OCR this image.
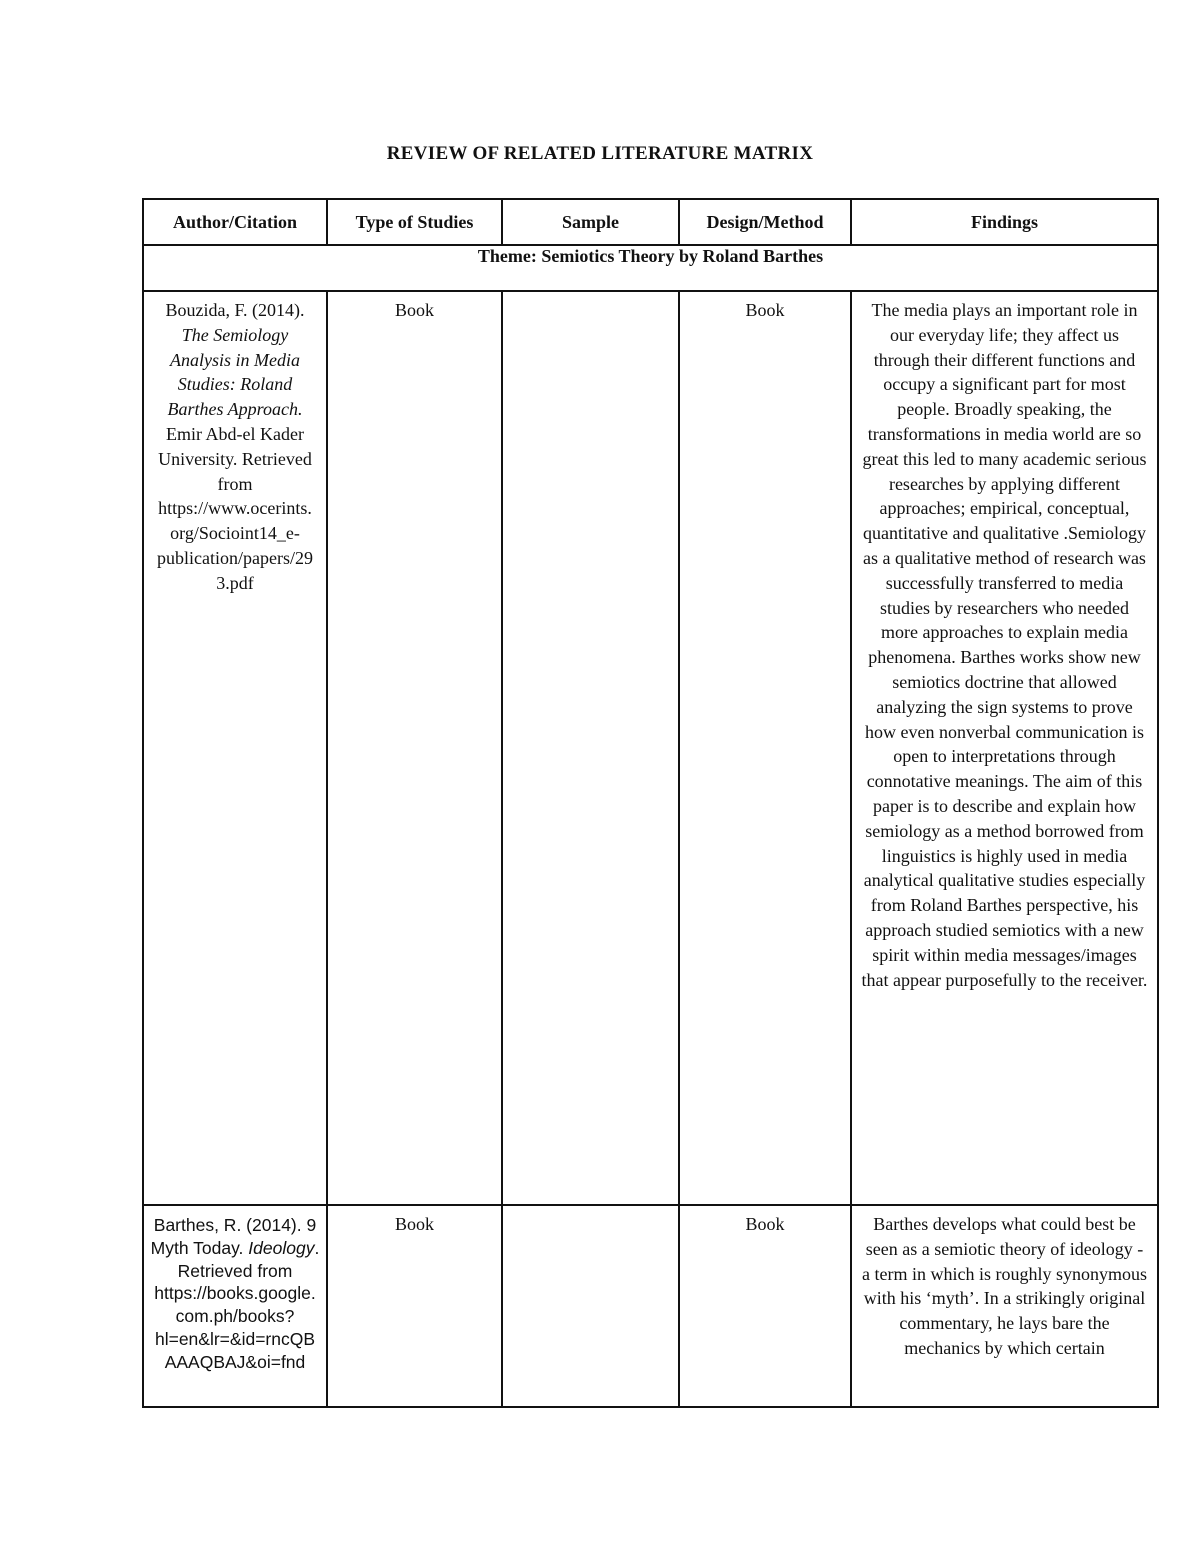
REVIEW OF RELATED LITERATURE MATRIX
Author/Citation	Type of Studies	Sample	Design/Method	Findings
Theme: Semiotics Theory by Roland Barthes				

Bouzida, F. (2014). The Semiology Analysis in Media Studies: Roland Barthes Approach. Emir Abd-el Kader University. Retrieved from https://www.ocerints.org/Socioint14_e-publication/papers/293.pdf	Book		Book	The media plays an important role in our everyday life; they affect us through their different functions and occupy a significant part for most people. Broadly speaking, the transformations in media world are so great this led to many academic serious researches by applying different approaches; empirical, conceptual, quantitative and qualitative .Semiology as a qualitative method of research was successfully transferred to media studies by researchers who needed more approaches to explain media phenomena. Barthes works show new semiotics doctrine that allowed analyzing the sign systems to prove how even nonverbal communication is open to interpretations through connotative meanings. The aim of this paper is to describe and explain how semiology as a method borrowed from linguistics is highly used in media analytical qualitative studies especially from Roland Barthes perspective, his approach studied semiotics with a new spirit within media messages/images that appear purposefully to the receiver.

Barthes, R. (2014). 9 Myth Today. Ideology. Retrieved from https://books.google.com.ph/books?hl=en&lr=&id=rncQBAAAQBAJ&oi=fnd	Book		Book	Barthes develops what could best be seen as a semiotic theory of ideology - a term in which is roughly synonymous with his ‘myth’. In a strikingly original commentary, he lays bare the mechanics by which certain
